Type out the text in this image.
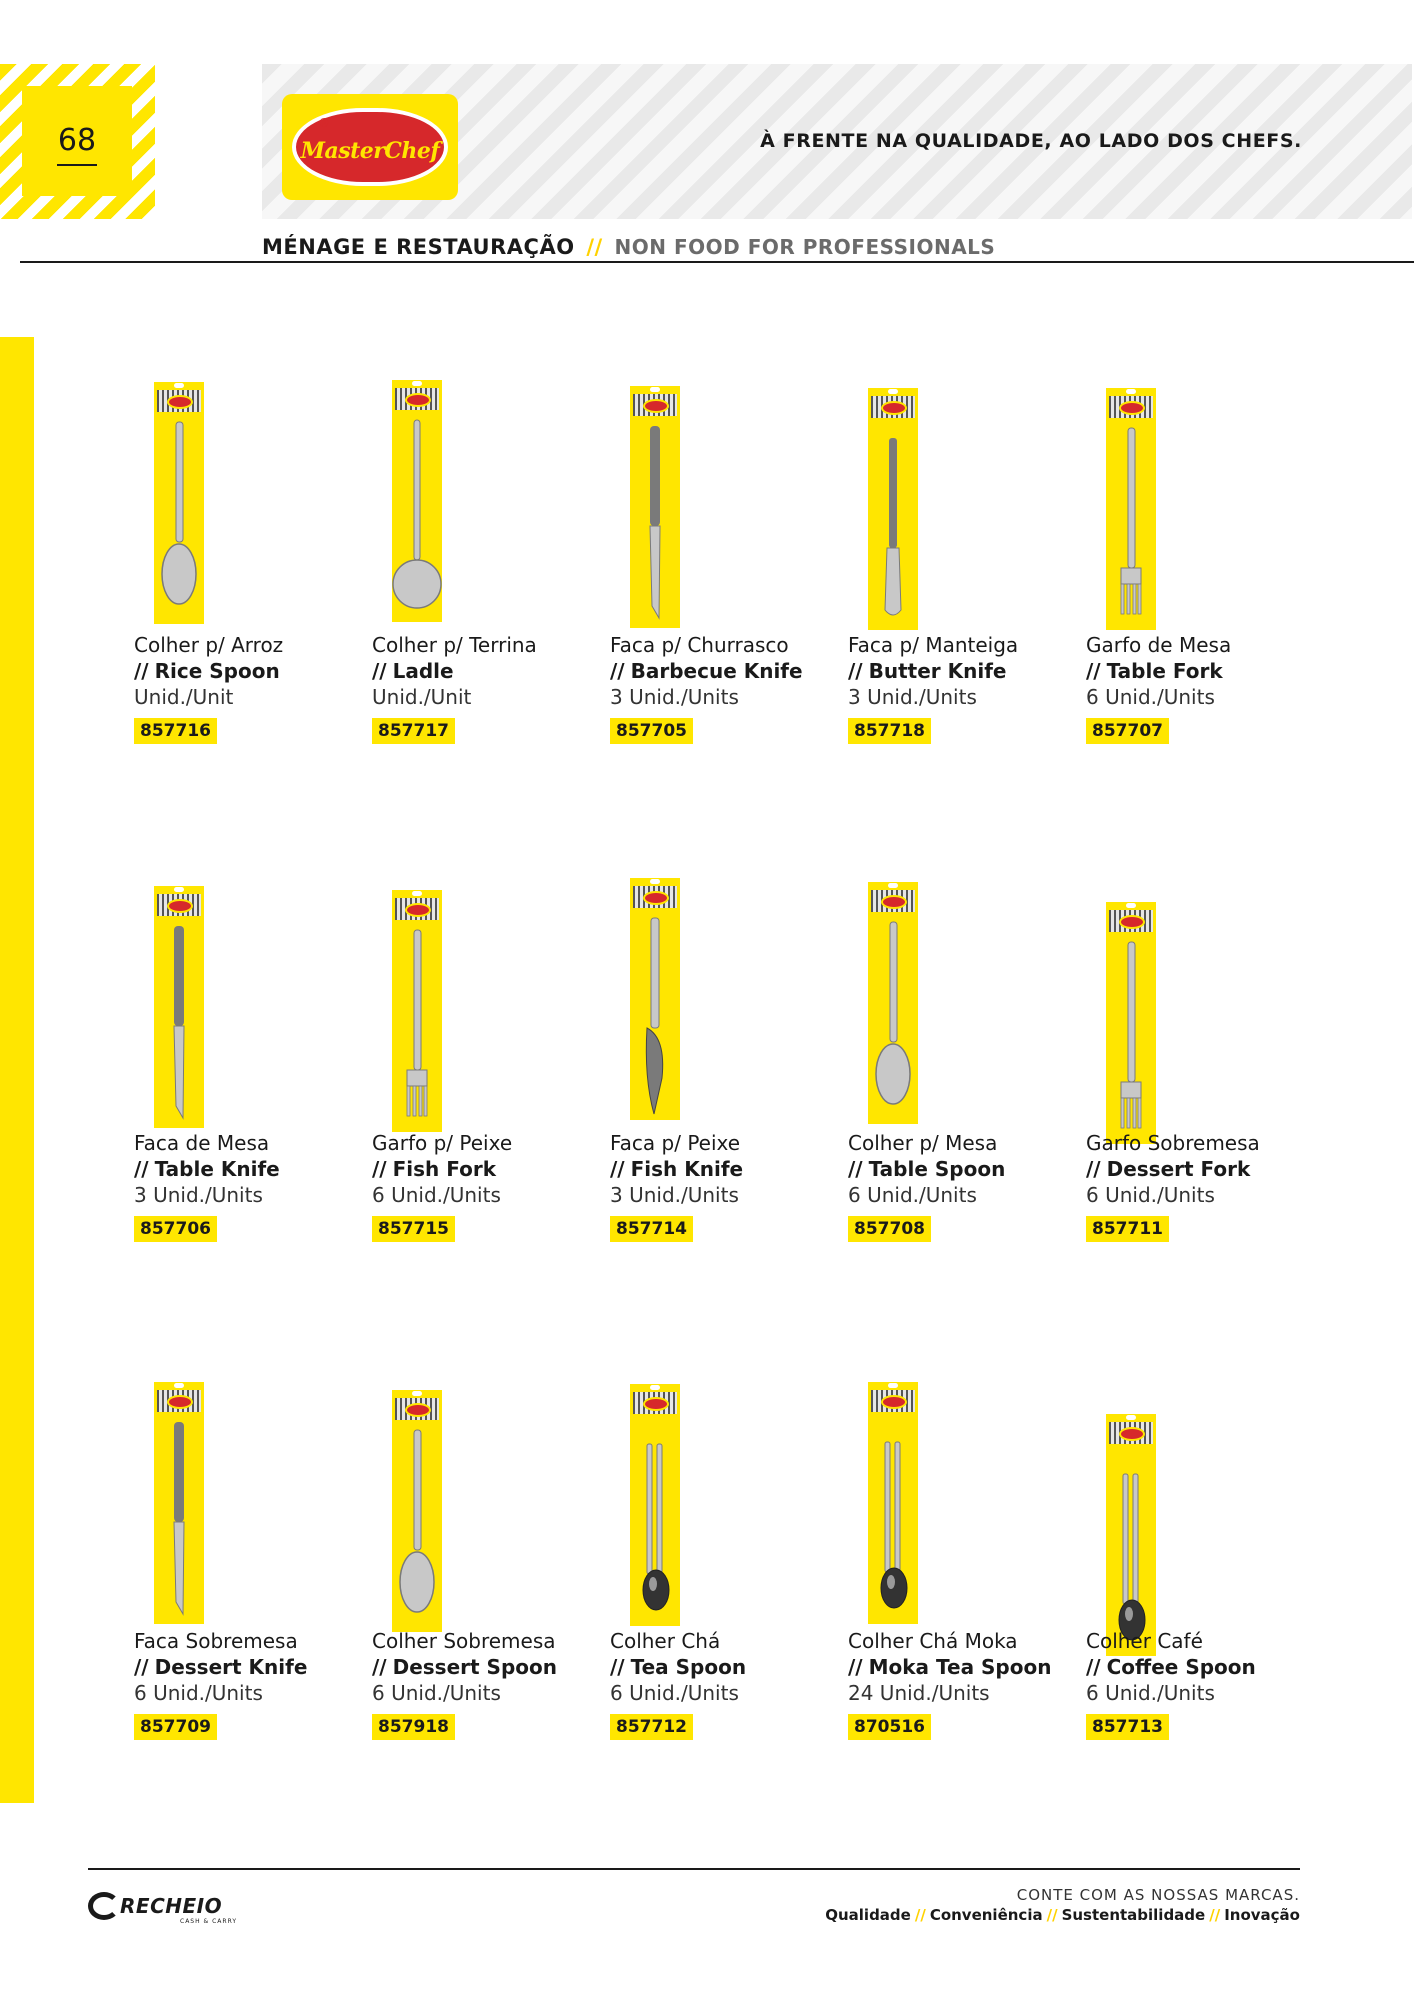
68	®
MasterChef	À FRENTE NA QUALIDADE, AO LADO DOS CHEFS.
MÉNAGE E RESTAURAÇÃO // NON FOOD FOR PROFESSIONALS
Colher p/ Arroz
// Rice Spoon
Unid./Unit
857716
Colher p/ Terrina
// Ladle
Unid./Unit
857717
Faca p/ Churrasco
// Barbecue Knife
3 Unid./Units
857705
Faca p/ Manteiga
// Butter Knife
3 Unid./Units
857718
Garfo de Mesa
// Table Fork
6 Unid./Units
857707
Faca de Mesa
// Table Knife
3 Unid./Units
857706
Garfo p/ Peixe
// Fish Fork
6 Unid./Units
857715
Faca p/ Peixe
// Fish Knife
3 Unid./Units
857714
Colher p/ Mesa
// Table Spoon
6 Unid./Units
857708
Garfo Sobremesa
// Dessert Fork
6 Unid./Units
857711
Faca Sobremesa
// Dessert Knife
6 Unid./Units
857709
Colher Sobremesa
// Dessert Spoon
6 Unid./Units
857918
Colher Chá
// Tea Spoon
6 Unid./Units
857712
Colher Chá Moka
// Moka Tea Spoon
24 Unid./Units
870516
Colher Café
// Coffee Spoon
6 Unid./Units
857713
RECHEIO
CASH & CARRY
CONTE COM AS NOSSAS MARCAS.
Qualidade // Conveniência // Sustentabilidade // Inovação
